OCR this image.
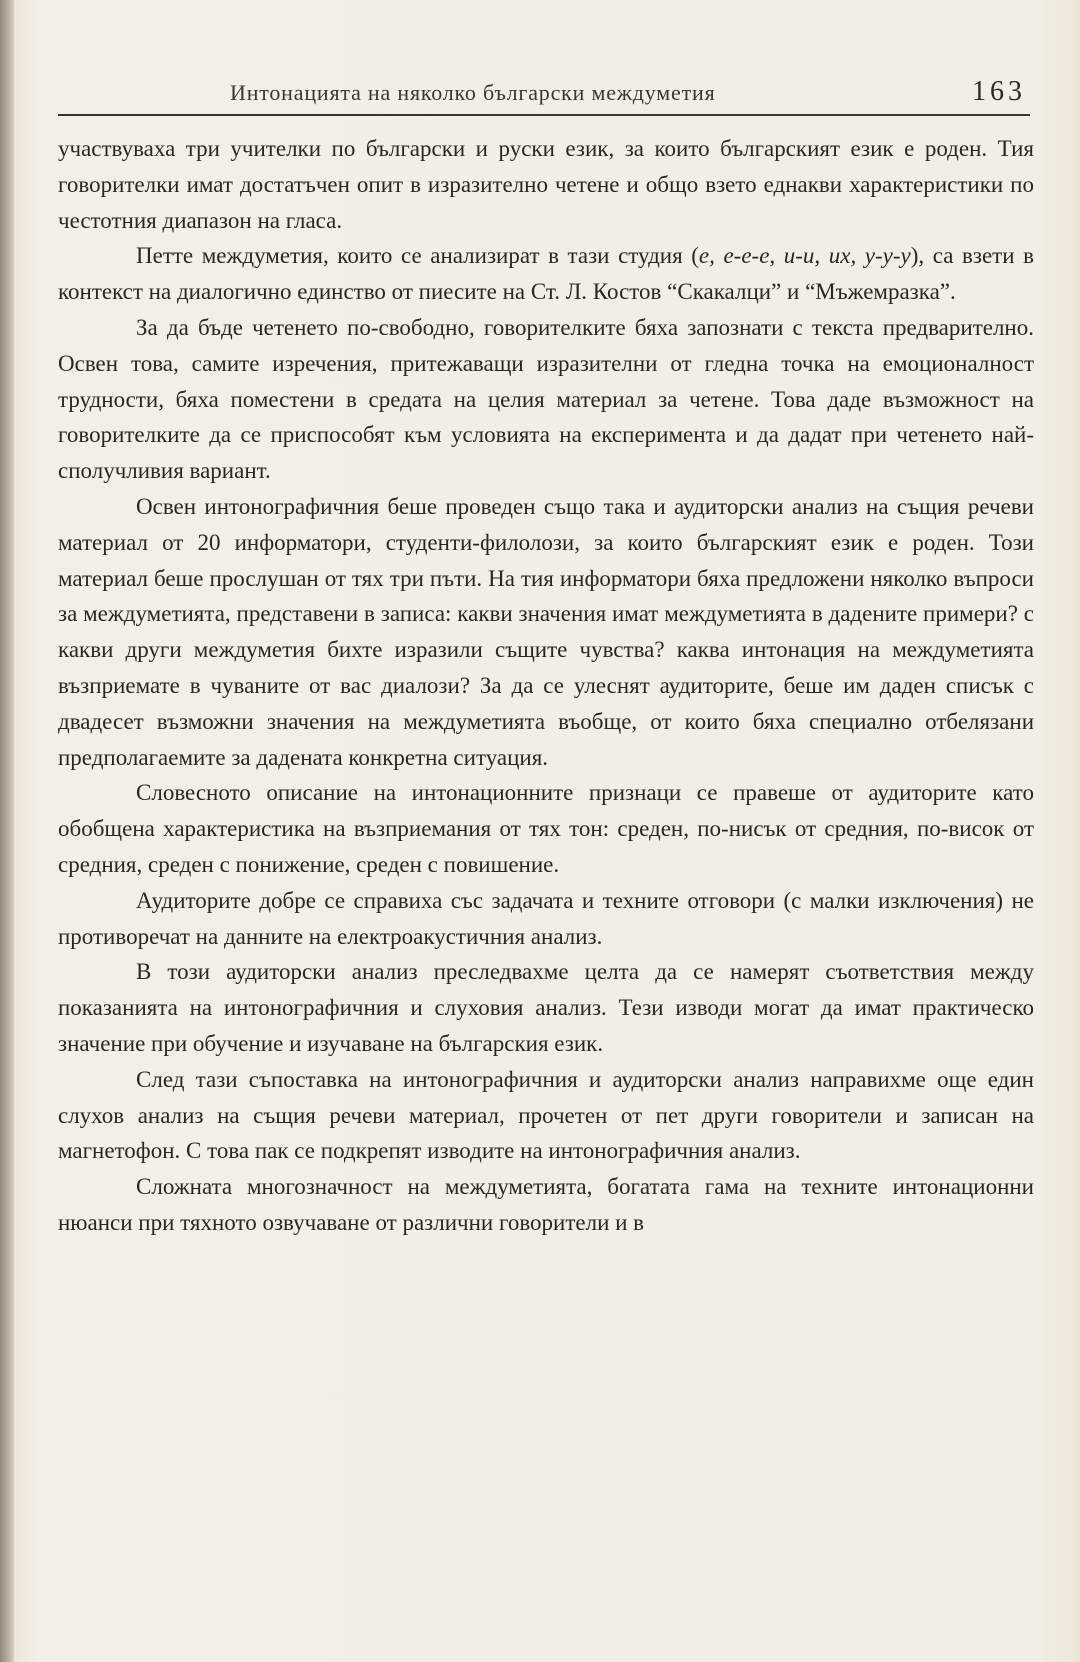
Интонацията на няколко български междуметия	163

участвуваха три учителки по български и руски език, за които българският език е роден. Тия говорителки имат достатъчен опит в изразително четене и общо взето еднакви характеристики по честотния диапазон на гласа.

Петте междуметия, които се анализират в тази студия (е, е-е-е, и-и, их, у-у-у), са взети в контекст на диалогично единство от пиесите на Ст. Л. Костов “Скакалци” и “Мъжемразка”.

За да бъде четенето по-свободно, говорителките бяха запознати с текста предварително. Освен това, самите изречения, притежаващи изразителни от гледна точка на емоционалност трудности, бяха поместени в средата на целия материал за четене. Това даде възможност на говорителките да се приспособят към условията на експеримента и да дадат при четенето най-сполучливия вариант.

Освен интонографичния беше проведен също така и аудиторски анализ на същия речеви материал от 20 информатори, студенти-филолози, за които българският език е роден. Този материал беше прослушан от тях три пъти. На тия информатори бяха предложени няколко въпроси за междуметията, представени в записа: какви значения имат междуметията в дадените примери? с какви други междуметия бихте изразили същите чувства? каква интонация на междуметията възприемате в чуваните от вас диалози? За да се улеснят аудиторите, беше им даден списък с двадесет възможни значения на междуметията въобще, от които бяха специално отбелязани предполагаемите за дадената конкретна ситуация.

Словесното описание на интонационните признаци се правеше от аудиторите като обобщена характеристика на възприемания от тях тон: среден, по-нисък от средния, по-висок от средния, среден с понижение, среден с повишение.

Аудиторите добре се справиха със задачата и техните отговори (с малки изключения) не противоречат на данните на електроакустичния анализ.

В този аудиторски анализ преследвахме целта да се намерят съответствия между показанията на интонографичния и слуховия анализ. Тези изводи могат да имат практическо значение при обучение и изучаване на българския език.

След тази съпоставка на интонографичния и аудиторски анализ направихме още един слухов анализ на същия речеви материал, прочетен от пет други говорители и записан на магнетофон. С това пак се подкрепят изводите на интонографичния анализ.

Сложната многозначност на междуметията, богатата гама на техните интонационни нюанси при тяхното озвучаване от различни говорители и в
